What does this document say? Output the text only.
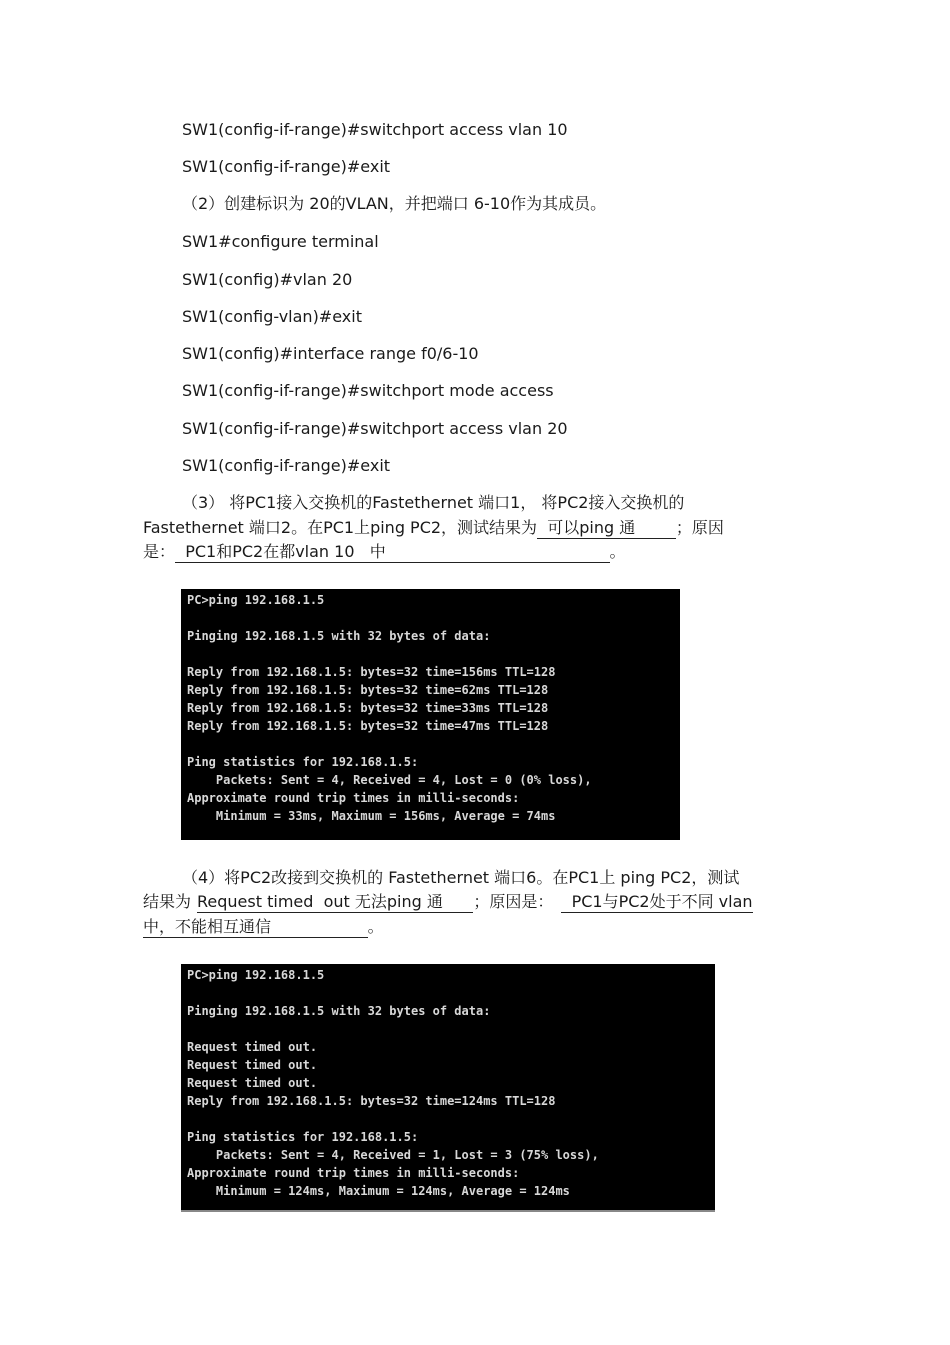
SW1(config-if-range)#switchport access vlan 10
SW1(config-if-range)#exit
（2）创建标识为 20的VLAN，并把端口 6-10作为其成员。
SW1#configure terminal
SW1(config)#vlan 20
SW1(config-vlan)#exit
SW1(config)#interface range f0/6-10
SW1(config-if-range)#switchport mode access
SW1(config-if-range)#switchport access vlan 20
SW1(config-if-range)#exit
（3） 将PC1接入交换机的Fastethernet 端口1， 将PC2接入交换机的
Fastethernet 端口2。在PC1上ping PC2，测试结果为  可以ping 通        ；原因
是：  PC1和PC2在都vlan 10   中                                            。
PC>ping 192.168.1.5
Pinging 192.168.1.5 with 32 bytes of data:
Reply from 192.168.1.5: bytes=32 time=156ms TTL=128
Reply from 192.168.1.5: bytes=32 time=62ms TTL=128
Reply from 192.168.1.5: bytes=32 time=33ms TTL=128
Reply from 192.168.1.5: bytes=32 time=47ms TTL=128
Ping statistics for 192.168.1.5:
Packets: Sent = 4, Received = 4, Lost = 0 (0% loss),
Approximate round trip times in milli-seconds:
Minimum = 33ms, Maximum = 156ms, Average = 74ms
（4）将PC2改接到交换机的 Fastethernet 端口6。在PC1上 ping PC2，测试
结果为 Request timed  out 无法ping 通      ；原因是：  PC1与PC2处于不同 vlan
中，不能相互通信                   。
PC>ping 192.168.1.5
Pinging 192.168.1.5 with 32 bytes of data:
Request timed out.
Request timed out.
Request timed out.
Reply from 192.168.1.5: bytes=32 time=124ms TTL=128
Ping statistics for 192.168.1.5:
Packets: Sent = 4, Received = 1, Lost = 3 (75% loss),
Approximate round trip times in milli-seconds:
Minimum = 124ms, Maximum = 124ms, Average = 124ms
